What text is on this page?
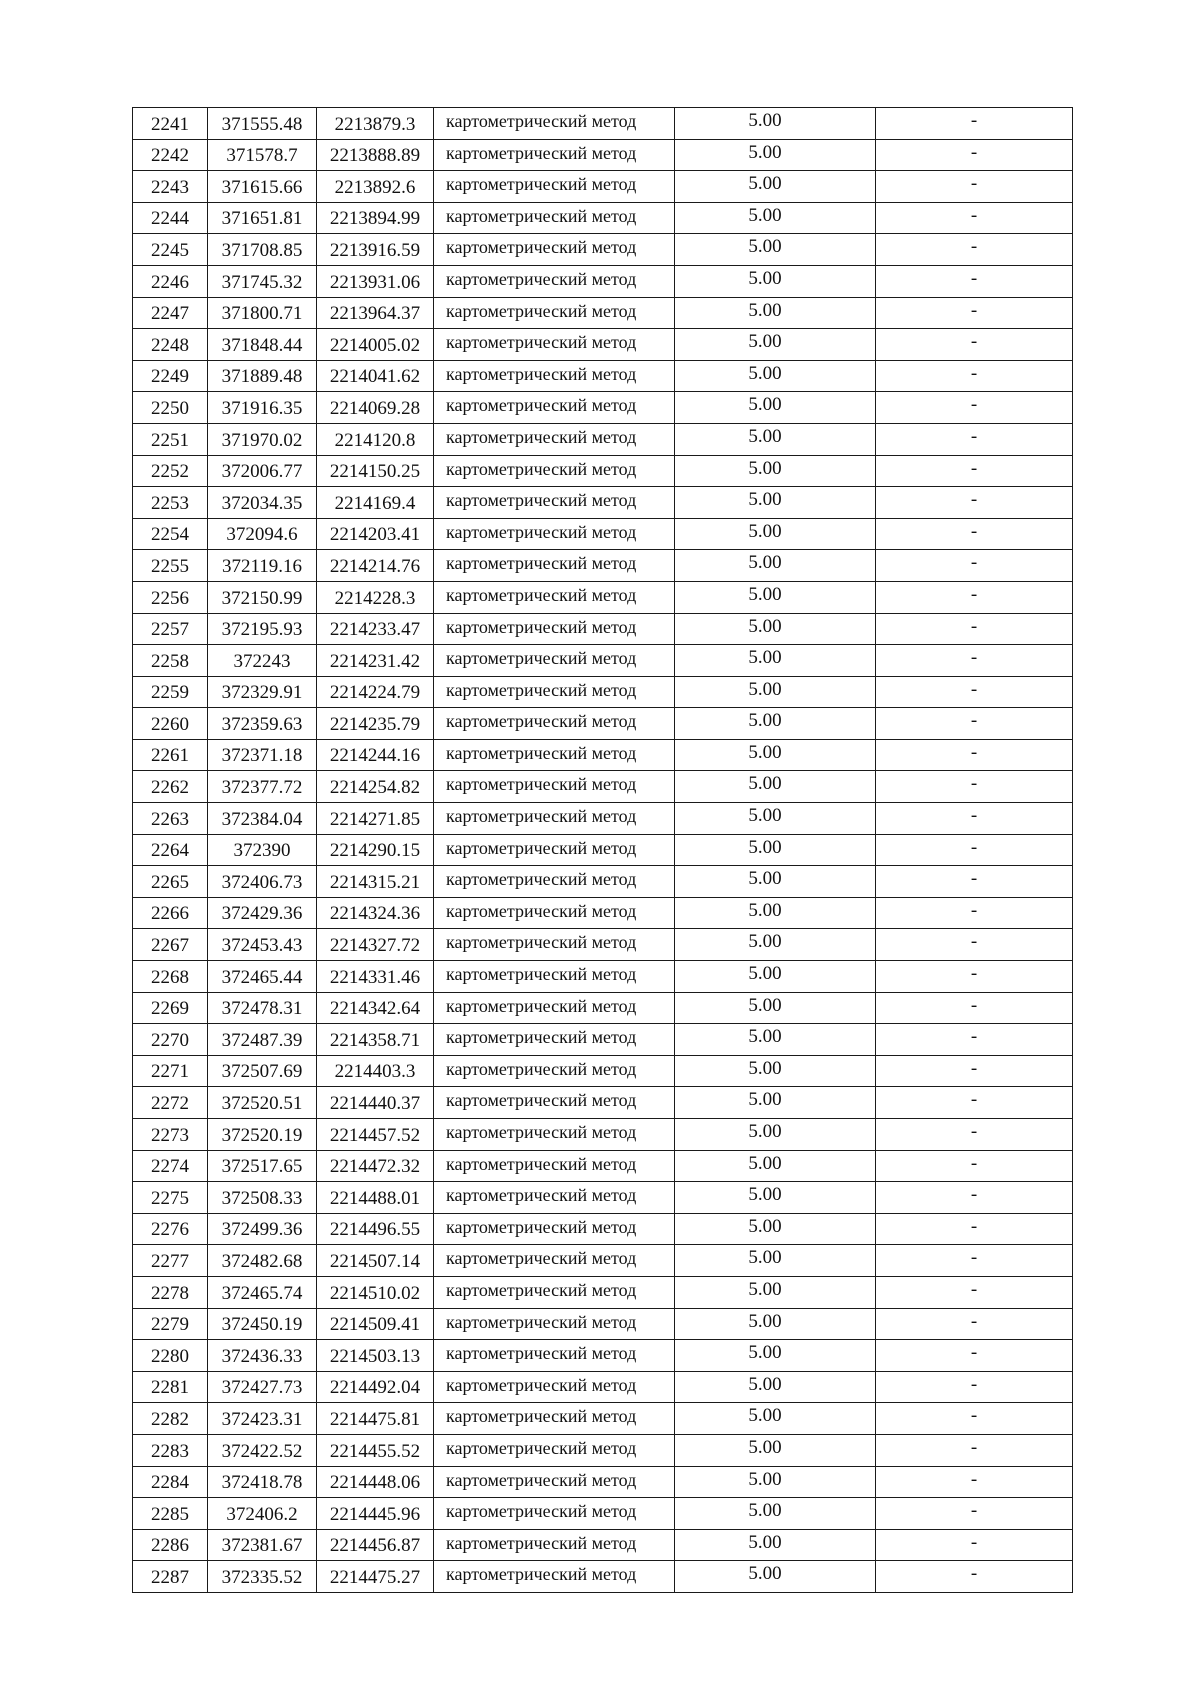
2241	371555.48	2213879.3	картометрический метод	5.00	-
2242	371578.7	2213888.89	картометрический метод	5.00	-
2243	371615.66	2213892.6	картометрический метод	5.00	-
2244	371651.81	2213894.99	картометрический метод	5.00	-
2245	371708.85	2213916.59	картометрический метод	5.00	-
2246	371745.32	2213931.06	картометрический метод	5.00	-
2247	371800.71	2213964.37	картометрический метод	5.00	-
2248	371848.44	2214005.02	картометрический метод	5.00	-
2249	371889.48	2214041.62	картометрический метод	5.00	-
2250	371916.35	2214069.28	картометрический метод	5.00	-
2251	371970.02	2214120.8	картометрический метод	5.00	-
2252	372006.77	2214150.25	картометрический метод	5.00	-
2253	372034.35	2214169.4	картометрический метод	5.00	-
2254	372094.6	2214203.41	картометрический метод	5.00	-
2255	372119.16	2214214.76	картометрический метод	5.00	-
2256	372150.99	2214228.3	картометрический метод	5.00	-
2257	372195.93	2214233.47	картометрический метод	5.00	-
2258	372243	2214231.42	картометрический метод	5.00	-
2259	372329.91	2214224.79	картометрический метод	5.00	-
2260	372359.63	2214235.79	картометрический метод	5.00	-
2261	372371.18	2214244.16	картометрический метод	5.00	-
2262	372377.72	2214254.82	картометрический метод	5.00	-
2263	372384.04	2214271.85	картометрический метод	5.00	-
2264	372390	2214290.15	картометрический метод	5.00	-
2265	372406.73	2214315.21	картометрический метод	5.00	-
2266	372429.36	2214324.36	картометрический метод	5.00	-
2267	372453.43	2214327.72	картометрический метод	5.00	-
2268	372465.44	2214331.46	картометрический метод	5.00	-
2269	372478.31	2214342.64	картометрический метод	5.00	-
2270	372487.39	2214358.71	картометрический метод	5.00	-
2271	372507.69	2214403.3	картометрический метод	5.00	-
2272	372520.51	2214440.37	картометрический метод	5.00	-
2273	372520.19	2214457.52	картометрический метод	5.00	-
2274	372517.65	2214472.32	картометрический метод	5.00	-
2275	372508.33	2214488.01	картометрический метод	5.00	-
2276	372499.36	2214496.55	картометрический метод	5.00	-
2277	372482.68	2214507.14	картометрический метод	5.00	-
2278	372465.74	2214510.02	картометрический метод	5.00	-
2279	372450.19	2214509.41	картометрический метод	5.00	-
2280	372436.33	2214503.13	картометрический метод	5.00	-
2281	372427.73	2214492.04	картометрический метод	5.00	-
2282	372423.31	2214475.81	картометрический метод	5.00	-
2283	372422.52	2214455.52	картометрический метод	5.00	-
2284	372418.78	2214448.06	картометрический метод	5.00	-
2285	372406.2	2214445.96	картометрический метод	5.00	-
2286	372381.67	2214456.87	картометрический метод	5.00	-
2287	372335.52	2214475.27	картометрический метод	5.00	-
